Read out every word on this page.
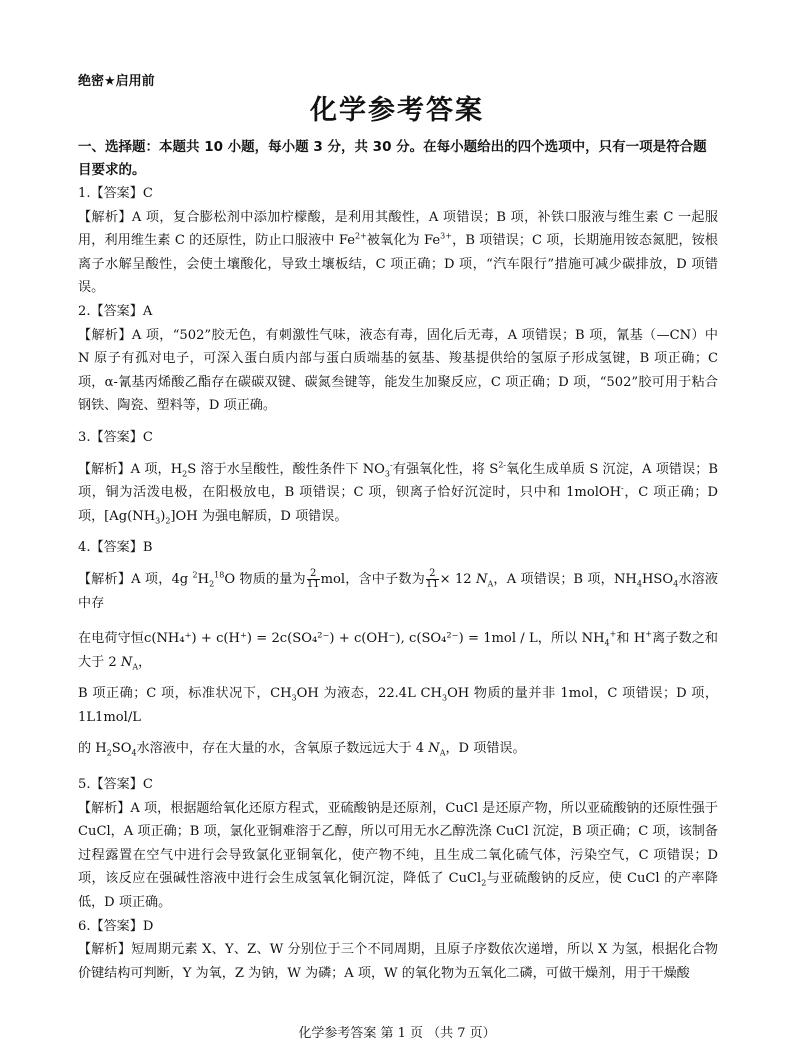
绝密★启用前
化学参考答案
一、选择题：本题共 10 小题，每小题 3 分，共 30 分。在每小题给出的四个选项中，只有一项是符合题目要求的。

1.【答案】C

【解析】A 项，复合膨松剂中添加柠檬酸，是利用其酸性，A 项错误；B 项，补铁口服液与维生素 C 一起服用，利用维生素 C 的还原性，防止口服液中 $Fe^{2+}$被氧化为 $Fe^{3+}$，B 项错误；C 项，长期施用铵态氮肥，铵根离子水解呈酸性，会使土壤酸化，导致土壤板结，C 项正确；D 项，“汽车限行”措施可减少碳排放，D 项错误。

2.【答案】A

【解析】A 项，“502”胶无色，有刺激性气味，液态有毒，固化后无毒，A 项错误；B 项，氰基（—CN）中 N 原子有孤对电子，可深入蛋白质内部与蛋白质端基的氨基、羧基提供给的氢原子形成氢键，B 项正确；C 项，α-氰基丙烯酸乙酯存在碳碳双键、碳氮叁键等，能发生加聚反应，C 项正确；D 项，“502”胶可用于粘合钢铁、陶瓷、塑料等，D 项正确。

3.【答案】C

【解析】A 项，$H_2S$ 溶于水呈酸性，酸性条件下 $NO_3^-$有强氧化性，将 $S^{2-}$氧化生成单质 S 沉淀，A 项错误；B 项，铜为活泼电极，在阳极放电，B 项错误；C 项，钡离子恰好沉淀时，只中和 1molOH-，C 项正确；D 项，$[Ag(NH_3)_2]OH$ 为强电解质，D 项错误。

4.【答案】B

【解析】A 项，4g $^2H_2^{18}O$ 物质的量为 $\frac{2}{11}$ mol，含中子数为 $\frac{2}{11} \times 12$ $N_A$，A 项错误；B 项，$NH_4HSO_4$水溶液中存

在电荷守恒c(NH₄⁺) + c(H⁺) = 2c(SO₄²⁻) + c(OH⁻), c(SO₄²⁻) = 1mol / L，所以 $NH_4^+$和 H+离子数之和大于 2 $N_A$，

B 项正确；C 项，标准状况下，$CH_3OH$ 为液态，22.4L $CH_3OH$ 物质的量并非 1mol，C 项错误；D 项，1L1mol/L

的 $H_2SO_4$水溶液中，存在大量的水，含氧原子数远远大于 4 $N_A$，D 项错误。

5.【答案】C

【解析】A 项，根据题给氧化还原方程式，亚硫酸钠是还原剂，CuCl 是还原产物，所以亚硫酸钠的还原性强于 CuCl，A 项正确；B 项，氯化亚铜难溶于乙醇，所以可用无水乙醇洗涤 CuCl 沉淀，B 项正确；C 项，该制备过程露置在空气中进行会导致氯化亚铜氧化，使产物不纯，且生成二氧化硫气体，污染空气，C 项错误；D 项，该反应在强碱性溶液中进行会生成氢氧化铜沉淀，降低了 CuCl$_2$与亚硫酸钠的反应，使 CuCl 的产率降低，D 项正确。

6.【答案】D

【解析】短周期元素 X、Y、Z、W 分别位于三个不同周期，且原子序数依次递增，所以 X 为氢，根据化合物价键结构可判断，Y 为氧，Z 为钠，W 为磷；A 项，W 的氧化物为五氧化二磷，可做干燥剂，用于干燥酸

化学参考答案 第 1 页 （共 7 页）
